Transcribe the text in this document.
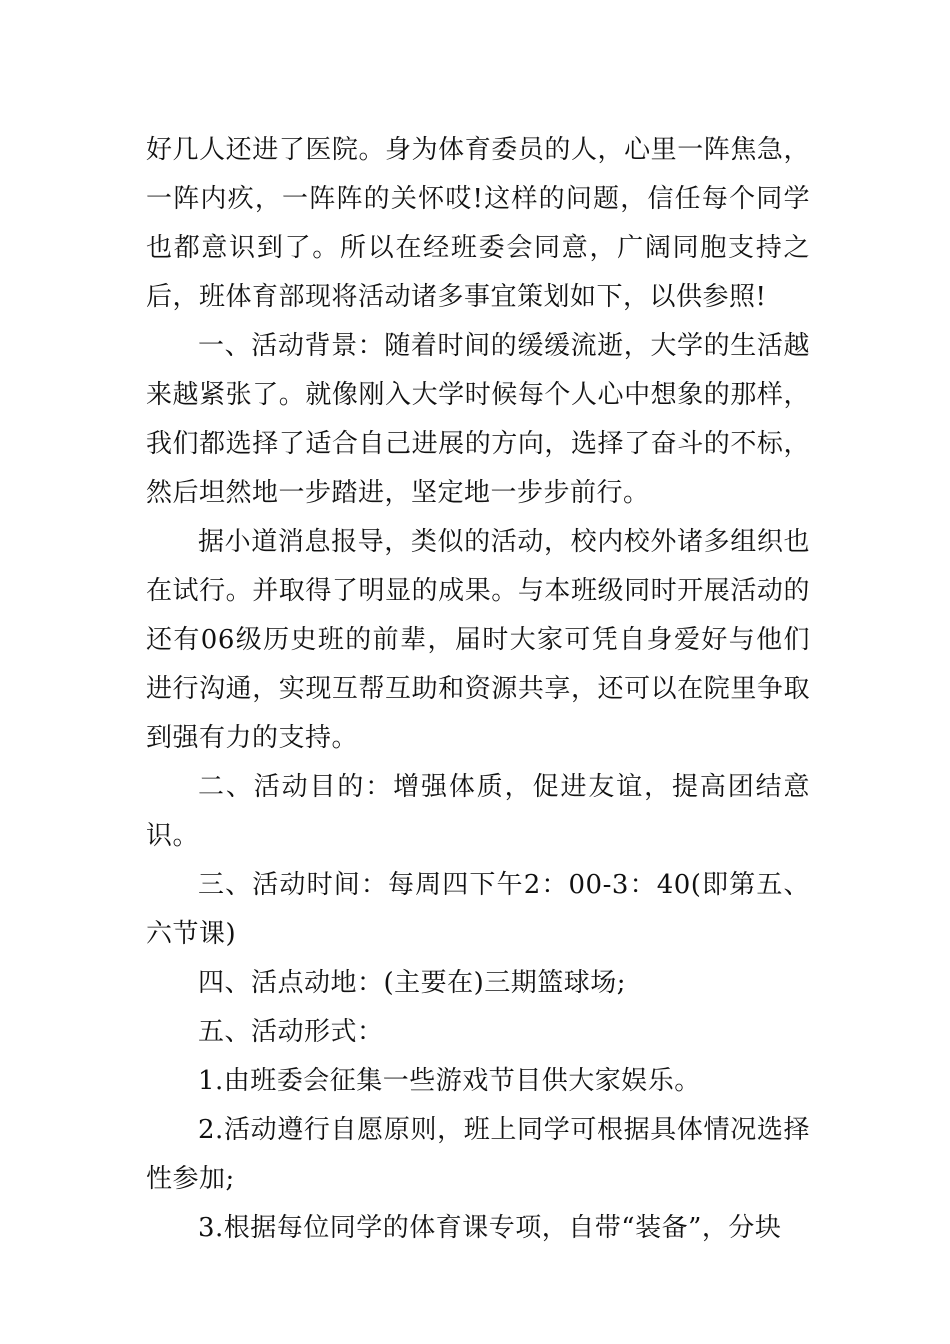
好几人还进了医院。身为体育委员的人，心里一阵焦急，一阵内疚，一阵阵的关怀哎!这样的问题，信任每个同学也都意识到了。所以在经班委会同意，广阔同胞支持之后，班体育部现将活动诸多事宜策划如下，以供参照!

一、活动背景：随着时间的缓缓流逝，大学的生活越来越紧张了。就像刚入大学时候每个人心中想象的那样，我们都选择了适合自己进展的方向，选择了奋斗的不标，然后坦然地一步踏进，坚定地一步步前行。

据小道消息报导，类似的活动，校内校外诸多组织也在试行。并取得了明显的成果。与本班级同时开展活动的还有06级历史班的前辈，届时大家可凭自身爱好与他们进行沟通，实现互帮互助和资源共享，还可以在院里争取到强有力的支持。

二、活动目的：增强体质，促进友谊，提高团结意识。

三、活动时间：每周四下午2：00-3：40(即第五、六节课)

四、活点动地：(主要在)三期篮球场;

五、活动形式：

1.由班委会征集一些游戏节目供大家娱乐。

2.活动遵行自愿原则，班上同学可根据具体情况选择性参加;

3.根据每位同学的体育课专项，自带“装备”，分块
